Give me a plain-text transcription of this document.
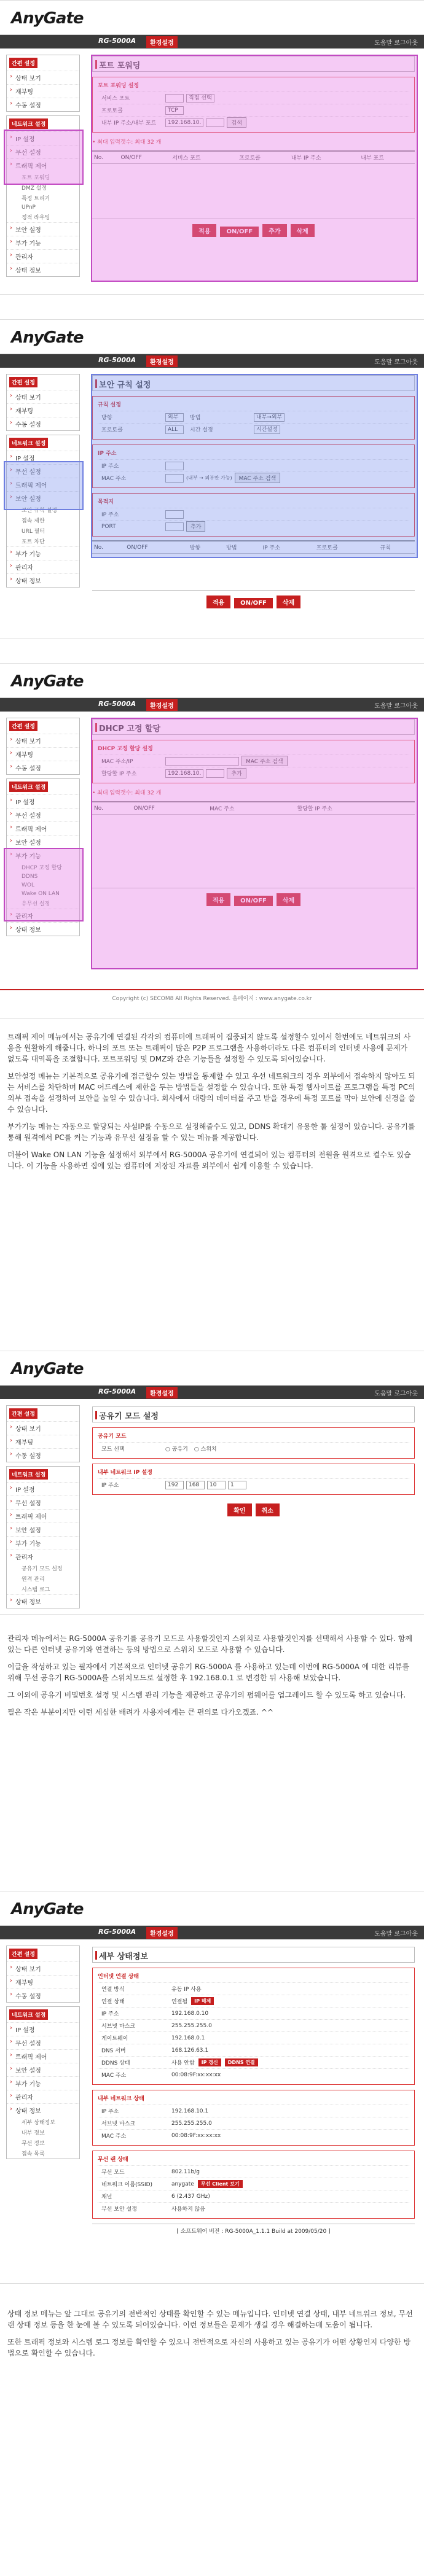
AnyGate
RG-5000A	환경설정	도움말 로그아웃
간편 설정
› 상태 보기
› 재부팅
› 수동 설정
네트워크 설정
› IP 설정
› 무선 설정
› 트래픽 제어
포트 포워딩
DMZ 설정
특정 트리거
UPnP
정적 라우팅
› 보안 설정
› 부가 기능
› 관리자
› 상태 정보
포트 포워딩
포트 포워딩 설정
서비스 포트	직접 선택
프로토콜	TCP
내부 IP 주소/내부 포트	192.168.10.	검색
• 최대 입력갯수: 최대 32 개
No.	ON/OFF	서비스 포트	프로토콜	내부 IP 주소	내부 포트

적용	ON/OFF	추가	삭제
AnyGate
RG-5000A	환경설정	도움말 로그아웃
간편 설정
› 상태 보기
› 재부팅
› 수동 설정
네트워크 설정
› IP 설정
› 무선 설정
› 트래픽 제어
› 보안 설정
보안 규칙 설정
접속 제한
URL 필터
포트 차단
› 부가 기능
› 관리자
› 상태 정보
보안 규칙 설정
규칙 설정
방향	외부	방법	내부→외부
프로토콜	ALL	시간 설정	시간설정
IP 주소
IP 주소
MAC 주소	(내부 → 외부만 가능)	MAC 주소 검색
목적지
IP 주소
PORT	추가
No.	ON/OFF	방향	방법	IP 주소	프로토콜	규칙

적용	ON/OFF	삭제
AnyGate
RG-5000A	환경설정	도움말 로그아웃
간편 설정
› 상태 보기
› 재부팅
› 수동 설정
네트워크 설정
› IP 설정
› 무선 설정
› 트래픽 제어
› 보안 설정
› 부가 기능
DHCP 고정 할당
DDNS
WOL
Wake ON LAN
유무선 설정
› 관리자
› 상태 정보
DHCP 고정 할당
DHCP 고정 할당 설정
MAC 주소/IP	MAC 주소 검색
할당할 IP 주소	192.168.10.	추가
• 최대 입력갯수: 최대 32 개
No.	ON/OFF	MAC 주소	할당할 IP 주소

적용	ON/OFF	삭제
Copyright (c) SECOM8 All Rights Reserved. 홈페이지 : www.anygate.co.kr

트래픽 제어 메뉴에서는 공유기에 연결된 각각의 컴퓨터에 트래픽이 집중되지 않도록 설정할수 있어서 한번에도 네트워크의 사용을 원활하게 해줍니다. 하나의 포트 또는 트래픽이 많은 P2P 프로그램을 사용하더라도 다른 컴퓨터의 인터넷 사용에 문제가 없도록 대역폭을 조절합니다. 포트포워딩 및 DMZ와 같은 기능들을 설정할 수 있도록 되어있습니다.

보안설정 메뉴는 기본적으로 공유기에 접근할수 있는 방법을 통제할 수 있고 우선 네트워크의 경우 외부에서 접속하지 않아도 되는 서비스를 차단하며 MAC 어드레스에 제한을 두는 방법들을 설정할 수 있습니다. 또한 특정 웹사이트를 프로그램을 특정 PC의 외부 접속을 설정하여 보안을 높일 수 있습니다. 회사에서 대량의 데이터를 주고 받을 경우에 특정 포트를 막아 보안에 신경을 쓸수 있습니다.

부가기능 메뉴는 자동으로 할당되는 사설IP를 수동으로 설정해줄수도 있고, DDNS 확대기 유용한 툴 설정이 있습니다. 공유기를 통해 원격에서 PC를 켜는 기능과 유무선 설정을 할 수 있는 메뉴를 제공합니다.

더불어 Wake ON LAN 기능을 설정해서 외부에서 RG-5000A 공유기에 연결되어 있는 컴퓨터의 전원을 원격으로 켤수도 있습니다. 이 기능을 사용하면 집에 있는 컴퓨터에 저장된 자료를 외부에서 쉽게 이용할 수 있습니다.

AnyGate
RG-5000A	환경설정	도움말 로그아웃
간편 설정
› 상태 보기
› 재부팅
› 수동 설정
네트워크 설정
› IP 설정
› 무선 설정
› 트래픽 제어
› 보안 설정
› 부가 기능
› 관리자
공유기 모드 설정
원격 관리
시스템 로그
› 상태 정보
공유기 모드 설정
공유기 모드
모드 선택	○ 공유기 ○ 스위치
내부 네트워크 IP 설정
IP 주소	192	168	10	1
확인	취소

관리자 메뉴에서는 RG-5000A 공유기를 공유기 모드로 사용할것인지 스위치로 사용할것인지를 선택해서 사용할 수 있다. 함께 있는 다른 인터넷 공유기와 연결하는 등의 방법으로 스위치 모드로 사용할 수 있습니다.

이글을 작성하고 있는 필자에서 기본적으로 인터넷 공유기 RG-5000A 를 사용하고 있는데 이번에 RG-5000A 에 대한 리뷰를 위해 무선 공유기 RG-5000A를 스위치모드로 설정한 후 192.168.0.1 로 변경한 뒤 사용해 보았습니다.

그 이외에 공유기 비밀번호 설정 및 시스템 관리 기능을 제공하고 공유기의 펌웨어를 업그레이드 할 수 있도록 하고 있습니다.

필은 작은 부분이지만 이런 세심한 배려가 사용자에게는 큰 편의로 다가오겠죠. ^^

AnyGate
RG-5000A	환경설정	도움말 로그아웃
간편 설정
› 상태 보기
› 재부팅
› 수동 설정
네트워크 설정
› IP 설정
› 무선 설정
› 트래픽 제어
› 보안 설정
› 부가 기능
› 관리자
› 상태 정보
세부 상태정보
내부 정보
무선 정보
접속 목록
세부 상태정보
인터넷 연결 상태
연결 방식	유동 IP 사용
연결 상태	연결됨	IP 해제
IP 주소	192.168.0.10
서브넷 마스크	255.255.255.0
게이트웨이	192.168.0.1
DNS 서버	168.126.63.1
DDNS 상태	사용 안함	IP 갱신	DDNS 연결
MAC 주소	00:08:9F:xx:xx:xx
내부 네트워크 상태
IP 주소	192.168.10.1
서브넷 마스크	255.255.255.0
MAC 주소	00:08:9F:xx:xx:xx
무선 랜 상태
무선 모드	802.11b/g
네트워크 이름(SSID)	anygate	무선 Client 보기
채널	6 (2.437 GHz)
무선 보안 설정	사용하지 않음
[ 소프트웨어 버전 : RG-5000A_1.1.1 Build at 2009/05/20 ]

상태 정보 메뉴는 앞 그대로 공유기의 전반적인 상태를 확인할 수 있는 메뉴입니다. 인터넷 연결 상태, 내부 네트워크 정보, 무선 랜 상태 정보 등을 한 눈에 볼 수 있도록 되어있습니다. 이런 정보들은 문제가 생길 경우 해결하는데 도움이 됩니다.

또한 트래픽 정보와 시스템 로그 정보를 확인할 수 있으니 전반적으로 자신의 사용하고 있는 공유기가 어떤 상황인지 다양한 방법으로 확인할 수 있습니다.
